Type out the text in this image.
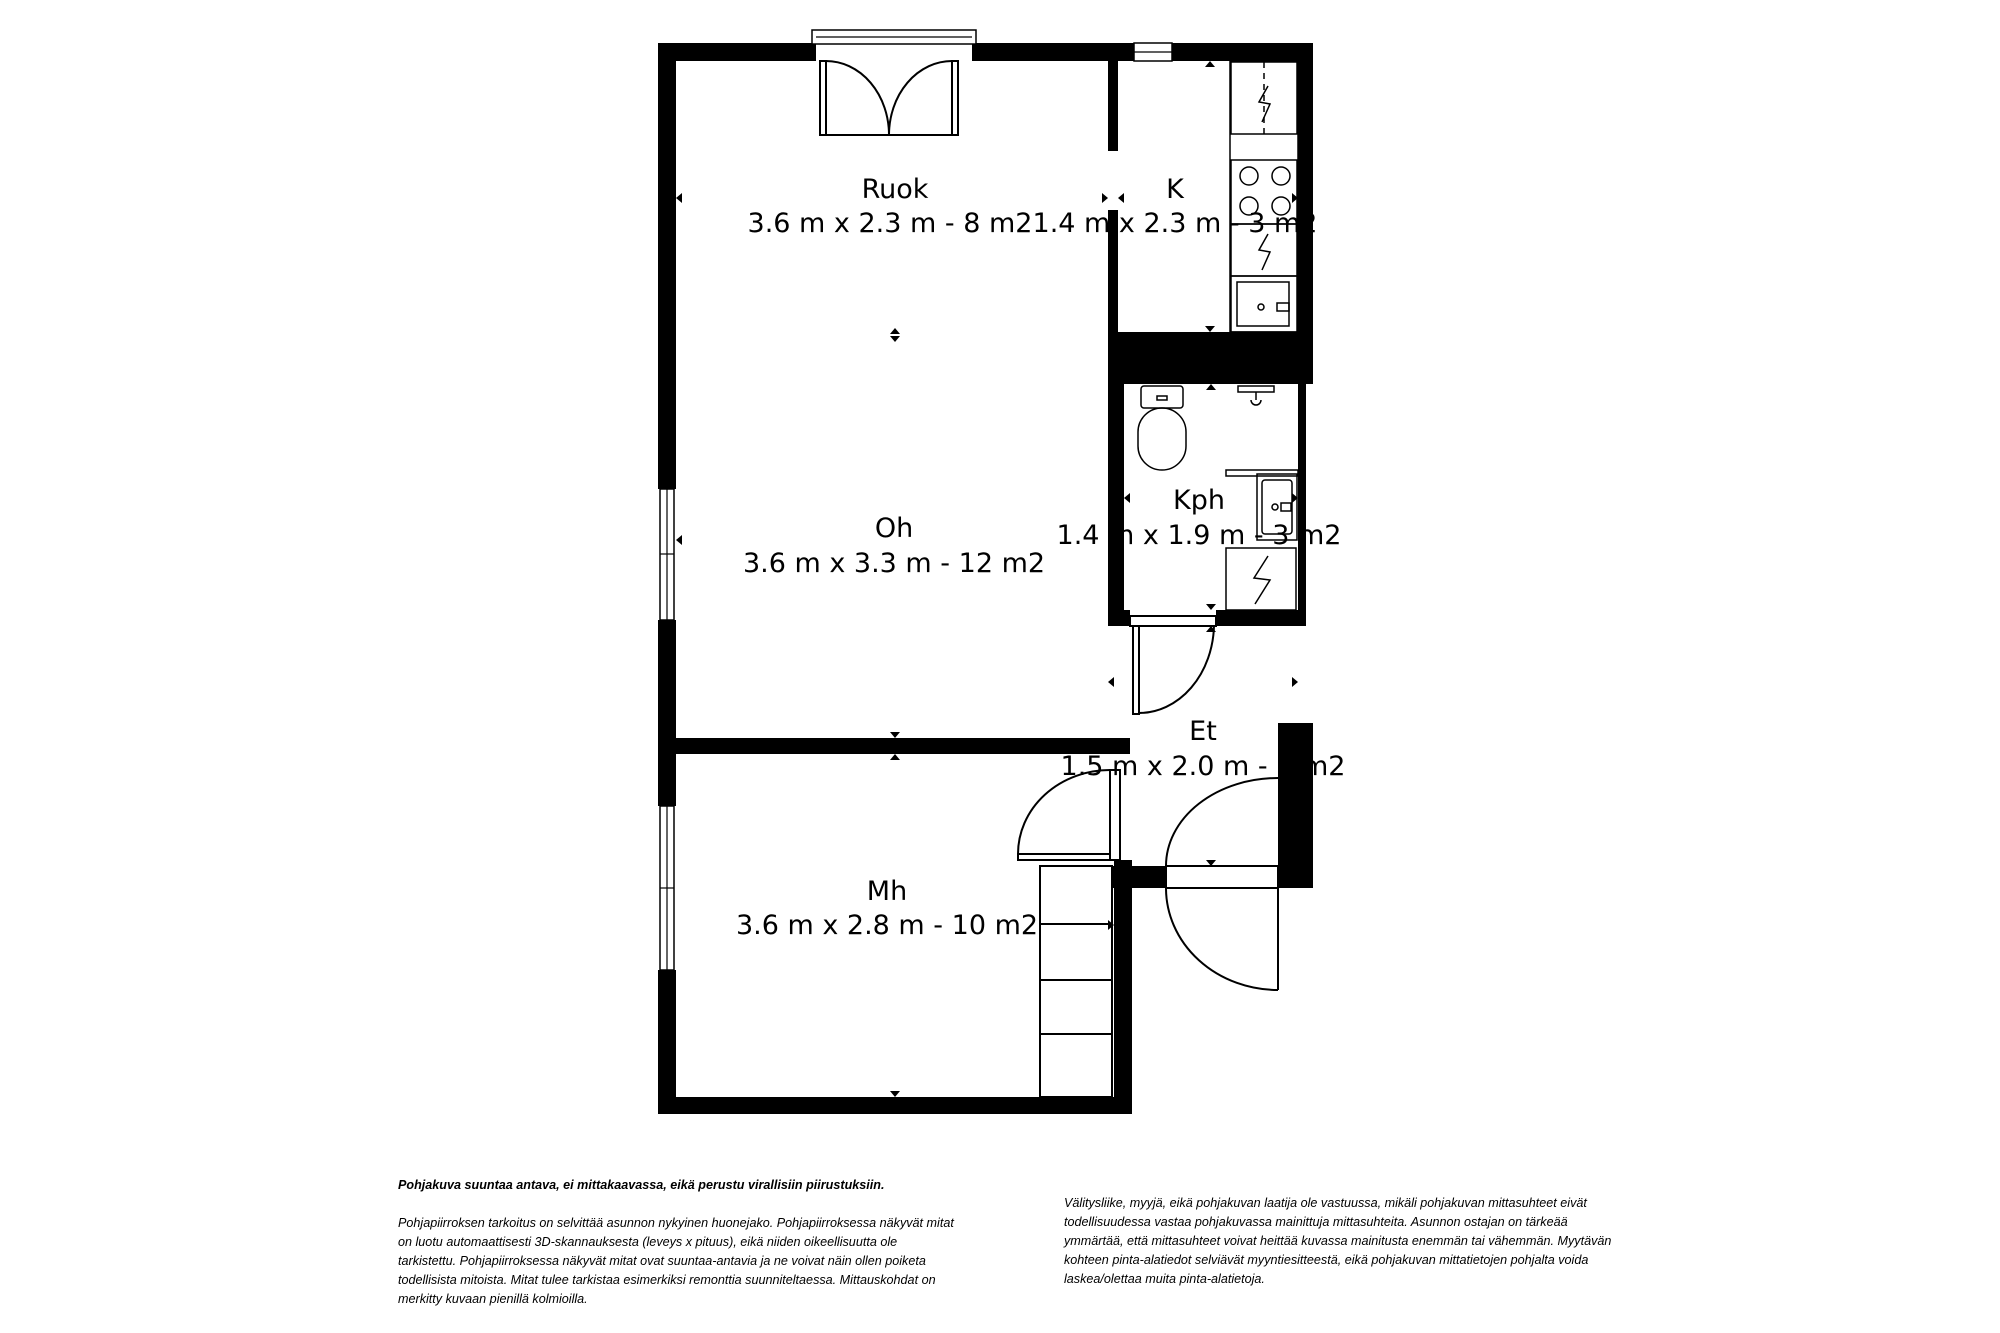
Ruok
3.6 m x 2.3 m - 8 m2
K
1.4 m x 2.3 m - 3 m2
Oh
3.6 m x 3.3 m - 12 m2
Kph
1.4 m x 1.9 m - 3 m2
Et
1.5 m x 2.0 m - 3 m2
Mh
3.6 m x 2.8 m - 10 m2

Pohjakuva suuntaa antava, ei mittakaavassa, eikä perustu virallisiin piirustuksiin.

Pohjapiirroksen tarkoitus on selvittää asunnon nykyinen huonejako. Pohjapiirroksessa näkyvät mitat on luotu automaattisesti 3D-skannauksesta (leveys x pituus), eikä niiden oikeellisuutta ole tarkistettu. Pohjapiirroksessa näkyvät mitat ovat suuntaa-antavia ja ne voivat näin ollen poiketa todellisista mitoista. Mitat tulee tarkistaa esimerkiksi remonttia suunniteltaessa. Mittauskohdat on merkitty kuvaan pienillä kolmioilla.

Välitysliike, myyjä, eikä pohjakuvan laatija ole vastuussa, mikäli pohjakuvan mittasuhteet eivät todellisuudessa vastaa pohjakuvassa mainittuja mittasuhteita. Asunnon ostajan on tärkeää ymmärtää, että mittasuhteet voivat heittää kuvassa mainitusta enemmän tai vähemmän. Myytävän kohteen pinta-alatiedot selviävät myyntiesitteestä, eikä pohjakuvan mittatietojen pohjalta voida laskea/olettaa muita pinta-alatietoja.
